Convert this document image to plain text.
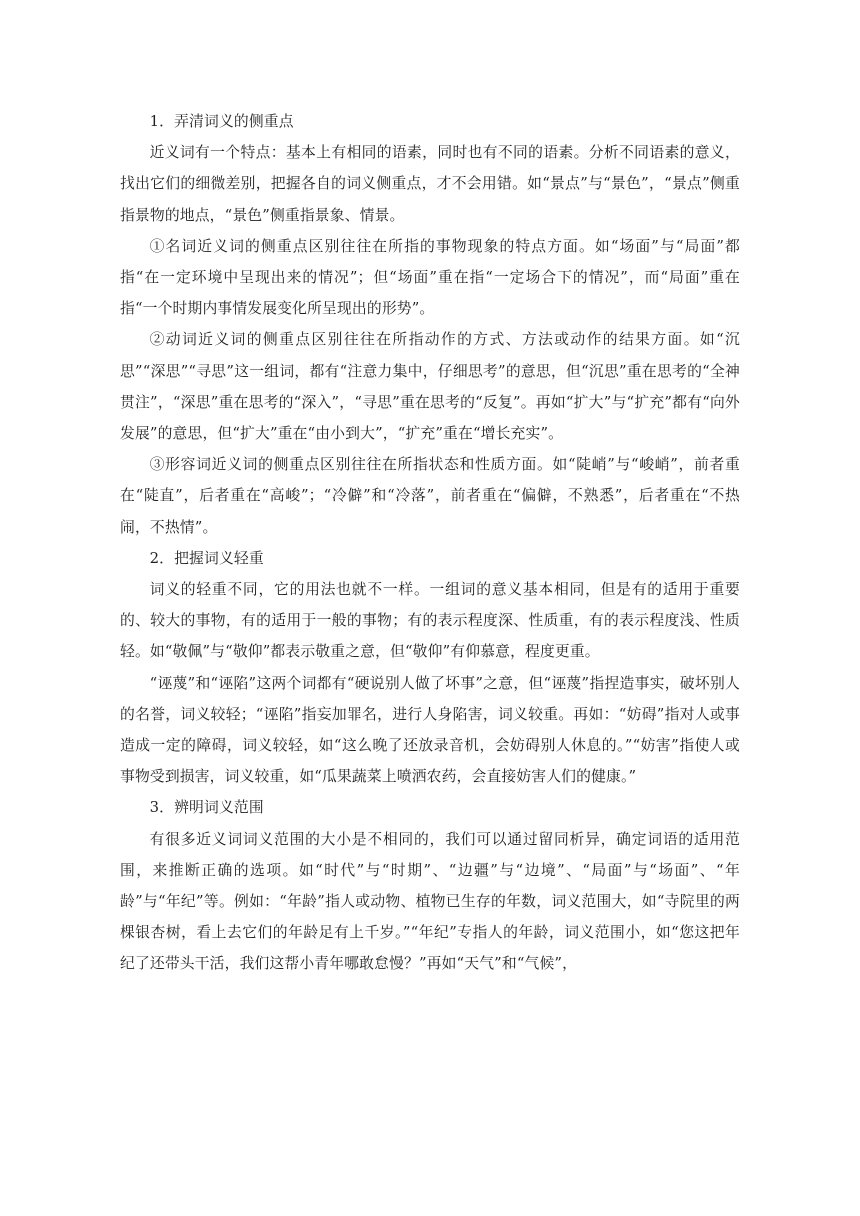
1．弄清词义的侧重点

近义词有一个特点：基本上有相同的语素，同时也有不同的语素。分析不同语素的意义，找出它们的细微差别，把握各自的词义侧重点，才不会用错。如“景点”与“景色”，“景点”侧重指景物的地点，“景色”侧重指景象、情景。

①名词近义词的侧重点区别往往在所指的事物现象的特点方面。如“场面”与“局面”都指“在一定环境中呈现出来的情况”；但“场面”重在指“一定场合下的情况”，而“局面”重在指“一个时期内事情发展变化所呈现出的形势”。

②动词近义词的侧重点区别往往在所指动作的方式、方法或动作的结果方面。如“沉思”“深思”“寻思”这一组词，都有“注意力集中，仔细思考”的意思，但“沉思”重在思考的“全神贯注”，“深思”重在思考的“深入”，“寻思”重在思考的“反复”。再如“扩大”与“扩充”都有“向外发展”的意思，但“扩大”重在“由小到大”，“扩充”重在“增长充实”。

③形容词近义词的侧重点区别往往在所指状态和性质方面。如“陡峭”与“峻峭”，前者重在“陡直”，后者重在“高峻”；“冷僻”和“冷落”，前者重在“偏僻，不熟悉”，后者重在“不热闹，不热情”。

2．把握词义轻重

词义的轻重不同，它的用法也就不一样。一组词的意义基本相同，但是有的适用于重要的、较大的事物，有的适用于一般的事物；有的表示程度深、性质重，有的表示程度浅、性质轻。如“敬佩”与“敬仰”都表示敬重之意，但“敬仰”有仰慕意，程度更重。

“诬蔑”和“诬陷”这两个词都有“硬说别人做了坏事”之意，但“诬蔑”指捏造事实，破坏别人的名誉，词义较轻；“诬陷”指妄加罪名，进行人身陷害，词义较重。再如：“妨碍”指对人或事造成一定的障碍，词义较轻，如“这么晚了还放录音机，会妨碍别人休息的。”“妨害”指使人或事物受到损害，词义较重，如“瓜果蔬菜上喷洒农药，会直接妨害人们的健康。”

3．辨明词义范围

有很多近义词词义范围的大小是不相同的，我们可以通过留同析异，确定词语的适用范围，来推断正确的选项。如“时代”与“时期”、“边疆”与“边境”、“局面”与“场面”、“年龄”与“年纪”等。例如：“年龄”指人或动物、植物已生存的年数，词义范围大，如“寺院里的两棵银杏树，看上去它们的年龄足有上千岁。”“年纪”专指人的年龄，词义范围小，如“您这把年纪了还带头干活，我们这帮小青年哪敢怠慢？”再如“天气”和“气候”，
